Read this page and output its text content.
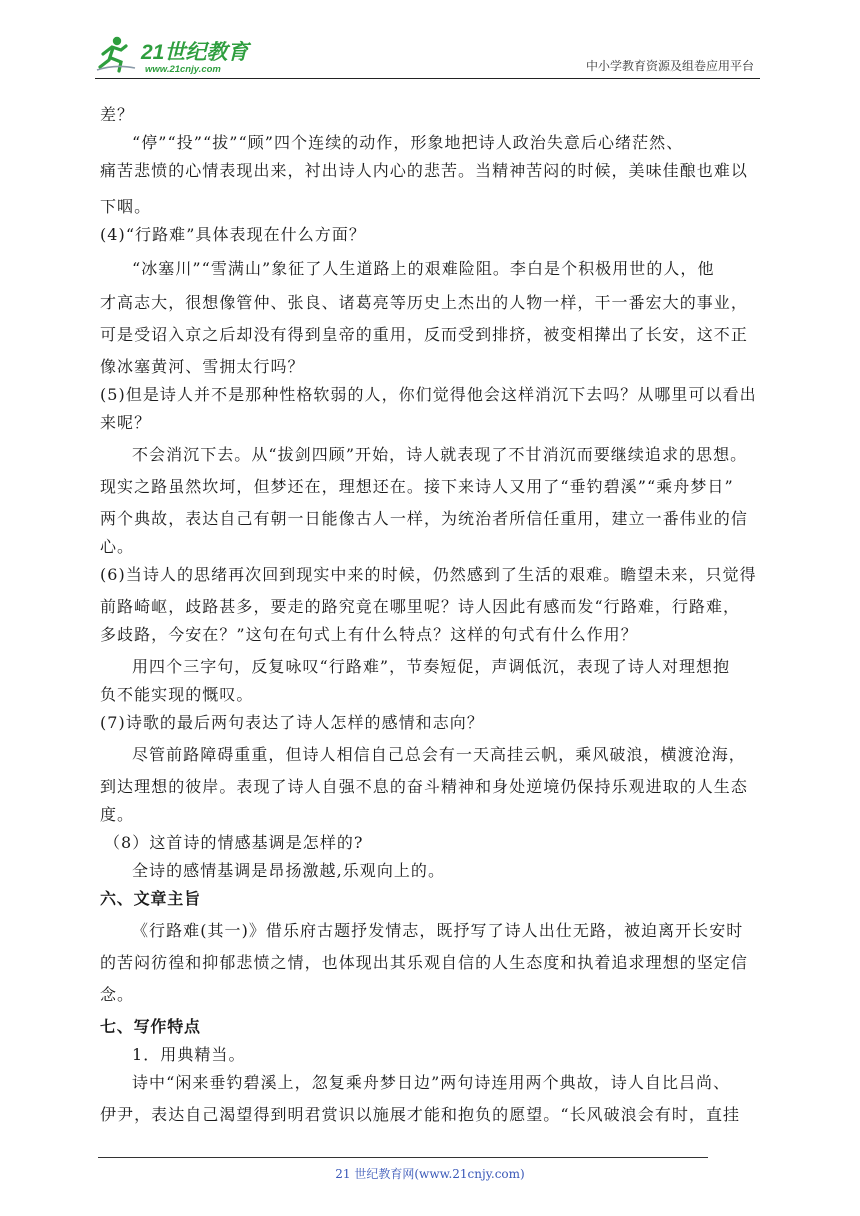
21世纪教育
www.21cnjy.com	中小学教育资源及组卷应用平台
差？
“停”“投”“拔”“顾”四个连续的动作，形象地把诗人政治失意后心绪茫然、
痛苦悲愤的心情表现出来，衬出诗人内心的悲苦。当精神苦闷的时候，美味佳酿也难以
下咽。
(4)“行路难”具体表现在什么方面？
“冰塞川”“雪满山”象征了人生道路上的艰难险阻。李白是个积极用世的人，他
才高志大，很想像管仲、张良、诸葛亮等历史上杰出的人物一样，干一番宏大的事业，
可是受诏入京之后却没有得到皇帝的重用，反而受到排挤，被变相撵出了长安，这不正
像冰塞黄河、雪拥太行吗？
(5)但是诗人并不是那种性格软弱的人，你们觉得他会这样消沉下去吗？从哪里可以看出
来呢？
不会消沉下去。从“拔剑四顾”开始，诗人就表现了不甘消沉而要继续追求的思想。
现实之路虽然坎坷，但梦还在，理想还在。接下来诗人又用了“垂钓碧溪”“乘舟梦日”
两个典故，表达自己有朝一日能像古人一样，为统治者所信任重用，建立一番伟业的信
心。
(6)当诗人的思绪再次回到现实中来的时候，仍然感到了生活的艰难。瞻望未来，只觉得
前路崎岖，歧路甚多，要走的路究竟在哪里呢？诗人因此有感而发“行路难，行路难，
多歧路，今安在？”这句在句式上有什么特点？这样的句式有什么作用？
用四个三字句，反复咏叹“行路难”，节奏短促，声调低沉，表现了诗人对理想抱
负不能实现的慨叹。
(7)诗歌的最后两句表达了诗人怎样的感情和志向？
尽管前路障碍重重，但诗人相信自己总会有一天高挂云帆，乘风破浪，横渡沧海，
到达理想的彼岸。表现了诗人自强不息的奋斗精神和身处逆境仍保持乐观进取的人生态
度。
（8）这首诗的情感基调是怎样的?
全诗的感情基调是昂扬激越,乐观向上的。
六、文章主旨
《行路难(其一)》借乐府古题抒发情志，既抒写了诗人出仕无路，被迫离开长安时
的苦闷彷徨和抑郁悲愤之情，也体现出其乐观自信的人生态度和执着追求理想的坚定信
念。
七、写作特点
1．用典精当。
诗中“闲来垂钓碧溪上，忽复乘舟梦日边”两句诗连用两个典故，诗人自比吕尚、
伊尹，表达自己渴望得到明君赏识以施展才能和抱负的愿望。“长风破浪会有时，直挂
21 世纪教育网(www.21cnjy.com)
